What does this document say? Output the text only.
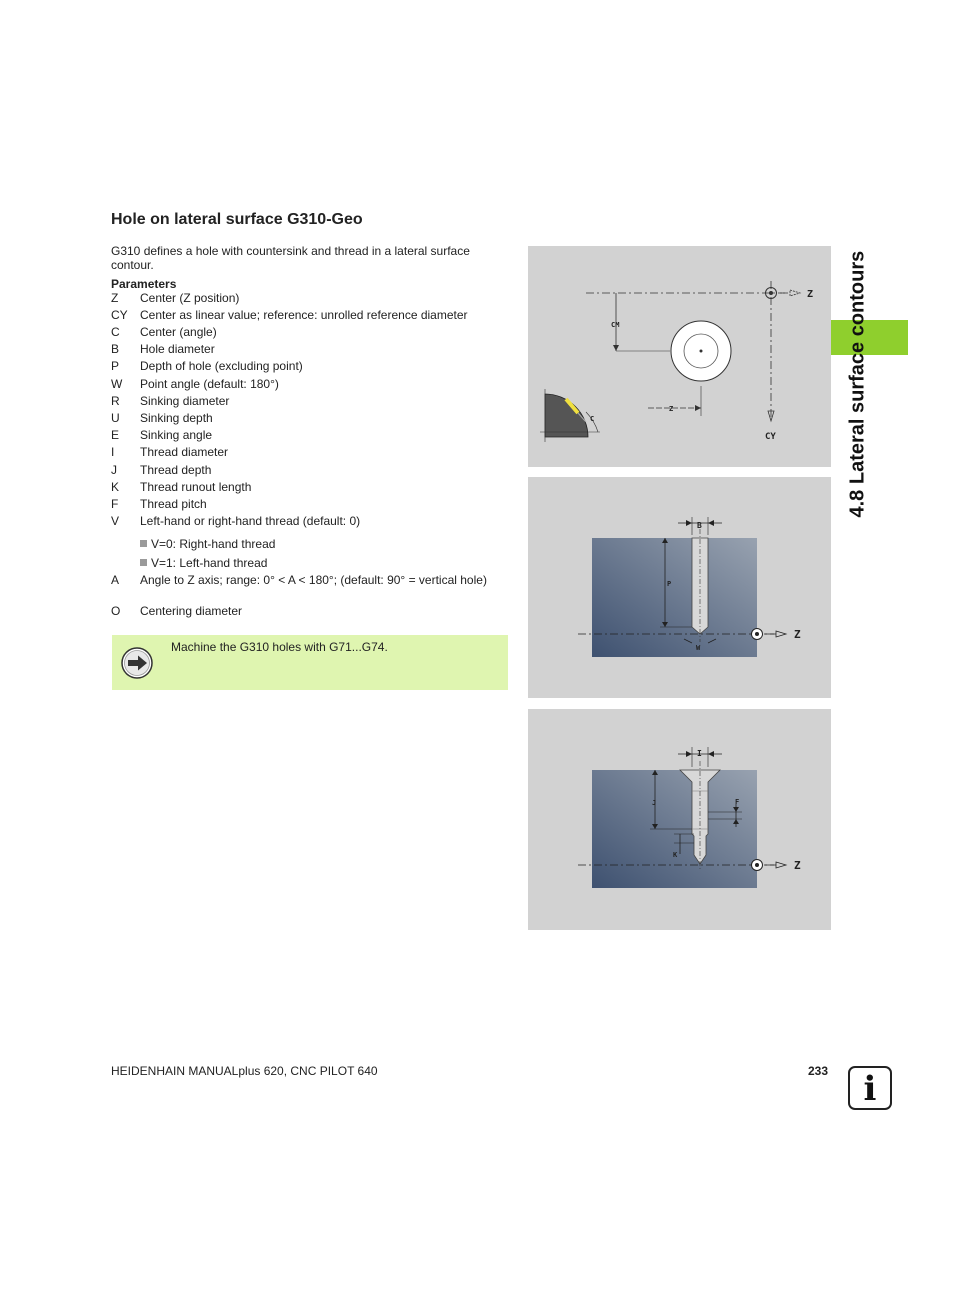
Hole on lateral surface G310-Geo
G310 defines a hole with countersink and thread in a lateral surface contour.
Parameters
Z	Center (Z position)
CY	Center as linear value; reference: unrolled reference diameter
C	Center (angle)
B	Hole diameter
P	Depth of hole (excluding point)
W	Point angle (default: 180°)
R	Sinking diameter
U	Sinking depth
E	Sinking angle
I	Thread diameter
J	Thread depth
K	Thread runout length
F	Thread pitch
V	Left-hand or right-hand thread (default: 0)
V=0: Right-hand thread
V=1: Left-hand thread
A	Angle to Z axis; range: 0° < A < 180°; (default: 90° = vertical hole)
O	Centering diameter
Machine the G310 holes with G71...G74.
Z
CY
CM
Z
C
B
P
Z
W
I
J	F
K
Z
4.8 Lateral surface contours
HEIDENHAIN MANUALplus 620, CNC PILOT 640	233	i
